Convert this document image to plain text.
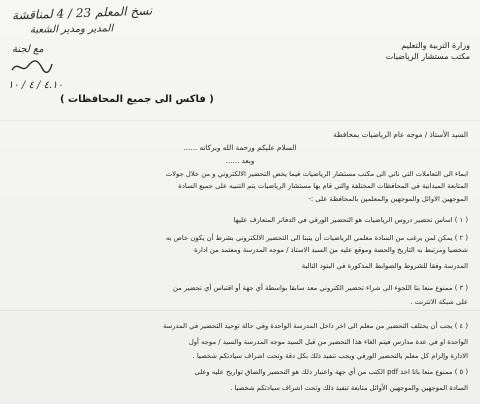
نسخ المعلم 23 / 4 لمناقشة
المدير ومدير الشعبة
مع لجنة
٤.١٠ / ٤ / ١٠
وزارة التربية والتعليم
مكتب مستشار الرياضيات
( فاكس الى جميع المحافظات )
السيد الأستاذ / موجه عام الرياضيات بمحافظة
السلام عليكم ورحمة الله وبركاته ......
وبعد ......
ابماء الى التعاملات التي ناتي الى مكتب مستشار الرياضيات فيما يخص التحضير الالكتروني و من خلال جولات
المتابعة الميدانية في المحافظات المختلفة والتي قام بها مستشار الرياضيات يتم التنبيه على جميع السادة
الموجهين الاوائل والموجهين والمعلمين بالمحافظة على :-
( ١ ) اساس تحضير دروس الرياضيات هو التحضير الورقي في الدفاتر المتعارف عليها
( ٢ ) يمكن لمن يرغب من السادة معلمي الرياضيات أن يتبنا الى التحضير الالكتروني بشرط أن يكون خاص به
شخصيا ومرتبط به التاريخ والحصة وموقع عليه من السيد الاستاذ / موجه المدرسة ومعتمد من ادارة
المدرسة وفقا للشروط والضوابط المذكورة في البنود التالية
( ٣ ) ممنوع منعا بتا اللجوء الى شراء تحضير الكتروني معد سابقا بواسطة أي جهة أو اقتباس أي تحضير من
على شبكة الانترنت .
( ٤ ) يجب أن يختلف التحضير من معلم الى اخر داخل المدرسة الواحدة وفي حالة توحيد التحضير في المدرسة
الواحدة او في عدة مدارس فيتم الغاء هذا التحضير من قبل السيد موجه المدرسة والسيد / موجه أول
الادارة وإلزام كل معلم بالتحضير الورقي ويجب تنفيذ ذلك بكل دقة وتحت اشراف سيادتكم شخصيا .
( ٥ ) ممنوع منعا باتا اخذ pdf الكتب من أي جهة واعتبار ذلك هو التحضير والصاق تواريخ عليه وعلى
السادة الموجهين والموجهين الأوائل متابعة تنفيذ ذلك وتحت اشراف سيادتكم شخصيا .
